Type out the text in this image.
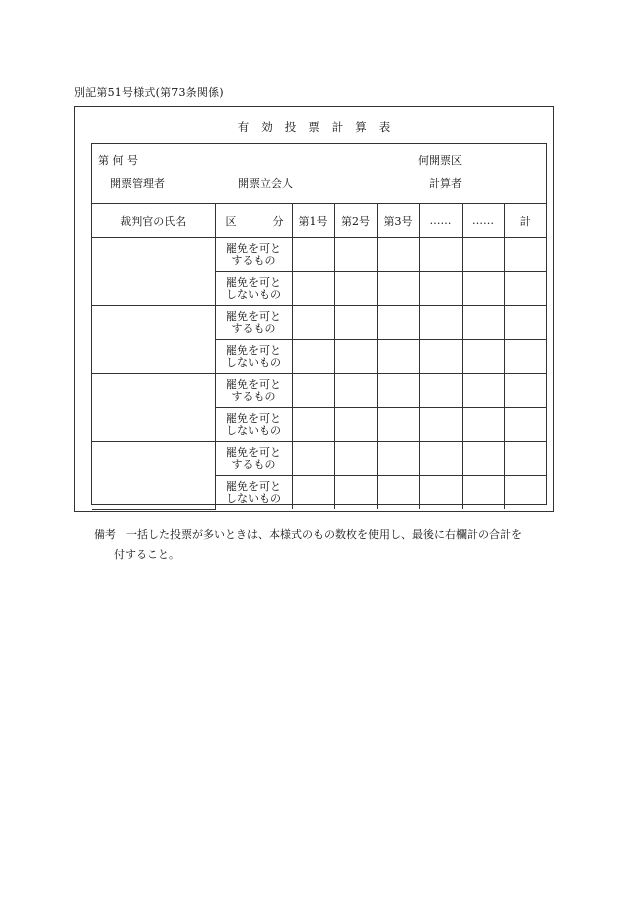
別記第51号様式(第73条関係)
有 効 投 票 計 算 表
第 何 号	何開票区
開票管理者	開票立会人	計算者
裁判官の氏名	区 分	第1号	第2号	第3号	……	……	計
	罷免を可と
するもの						
	罷免を可と
しないもの						
	罷免を可と
するもの						
	罷免を可と
しないもの						
	罷免を可と
するもの						
	罷免を可と
しないもの						
	罷免を可と
するもの						
	罷免を可と
しないもの						
備考 一括した投票が多いときは、本様式のもの数枚を使用し、最後に右欄計の合計を
付すること。
